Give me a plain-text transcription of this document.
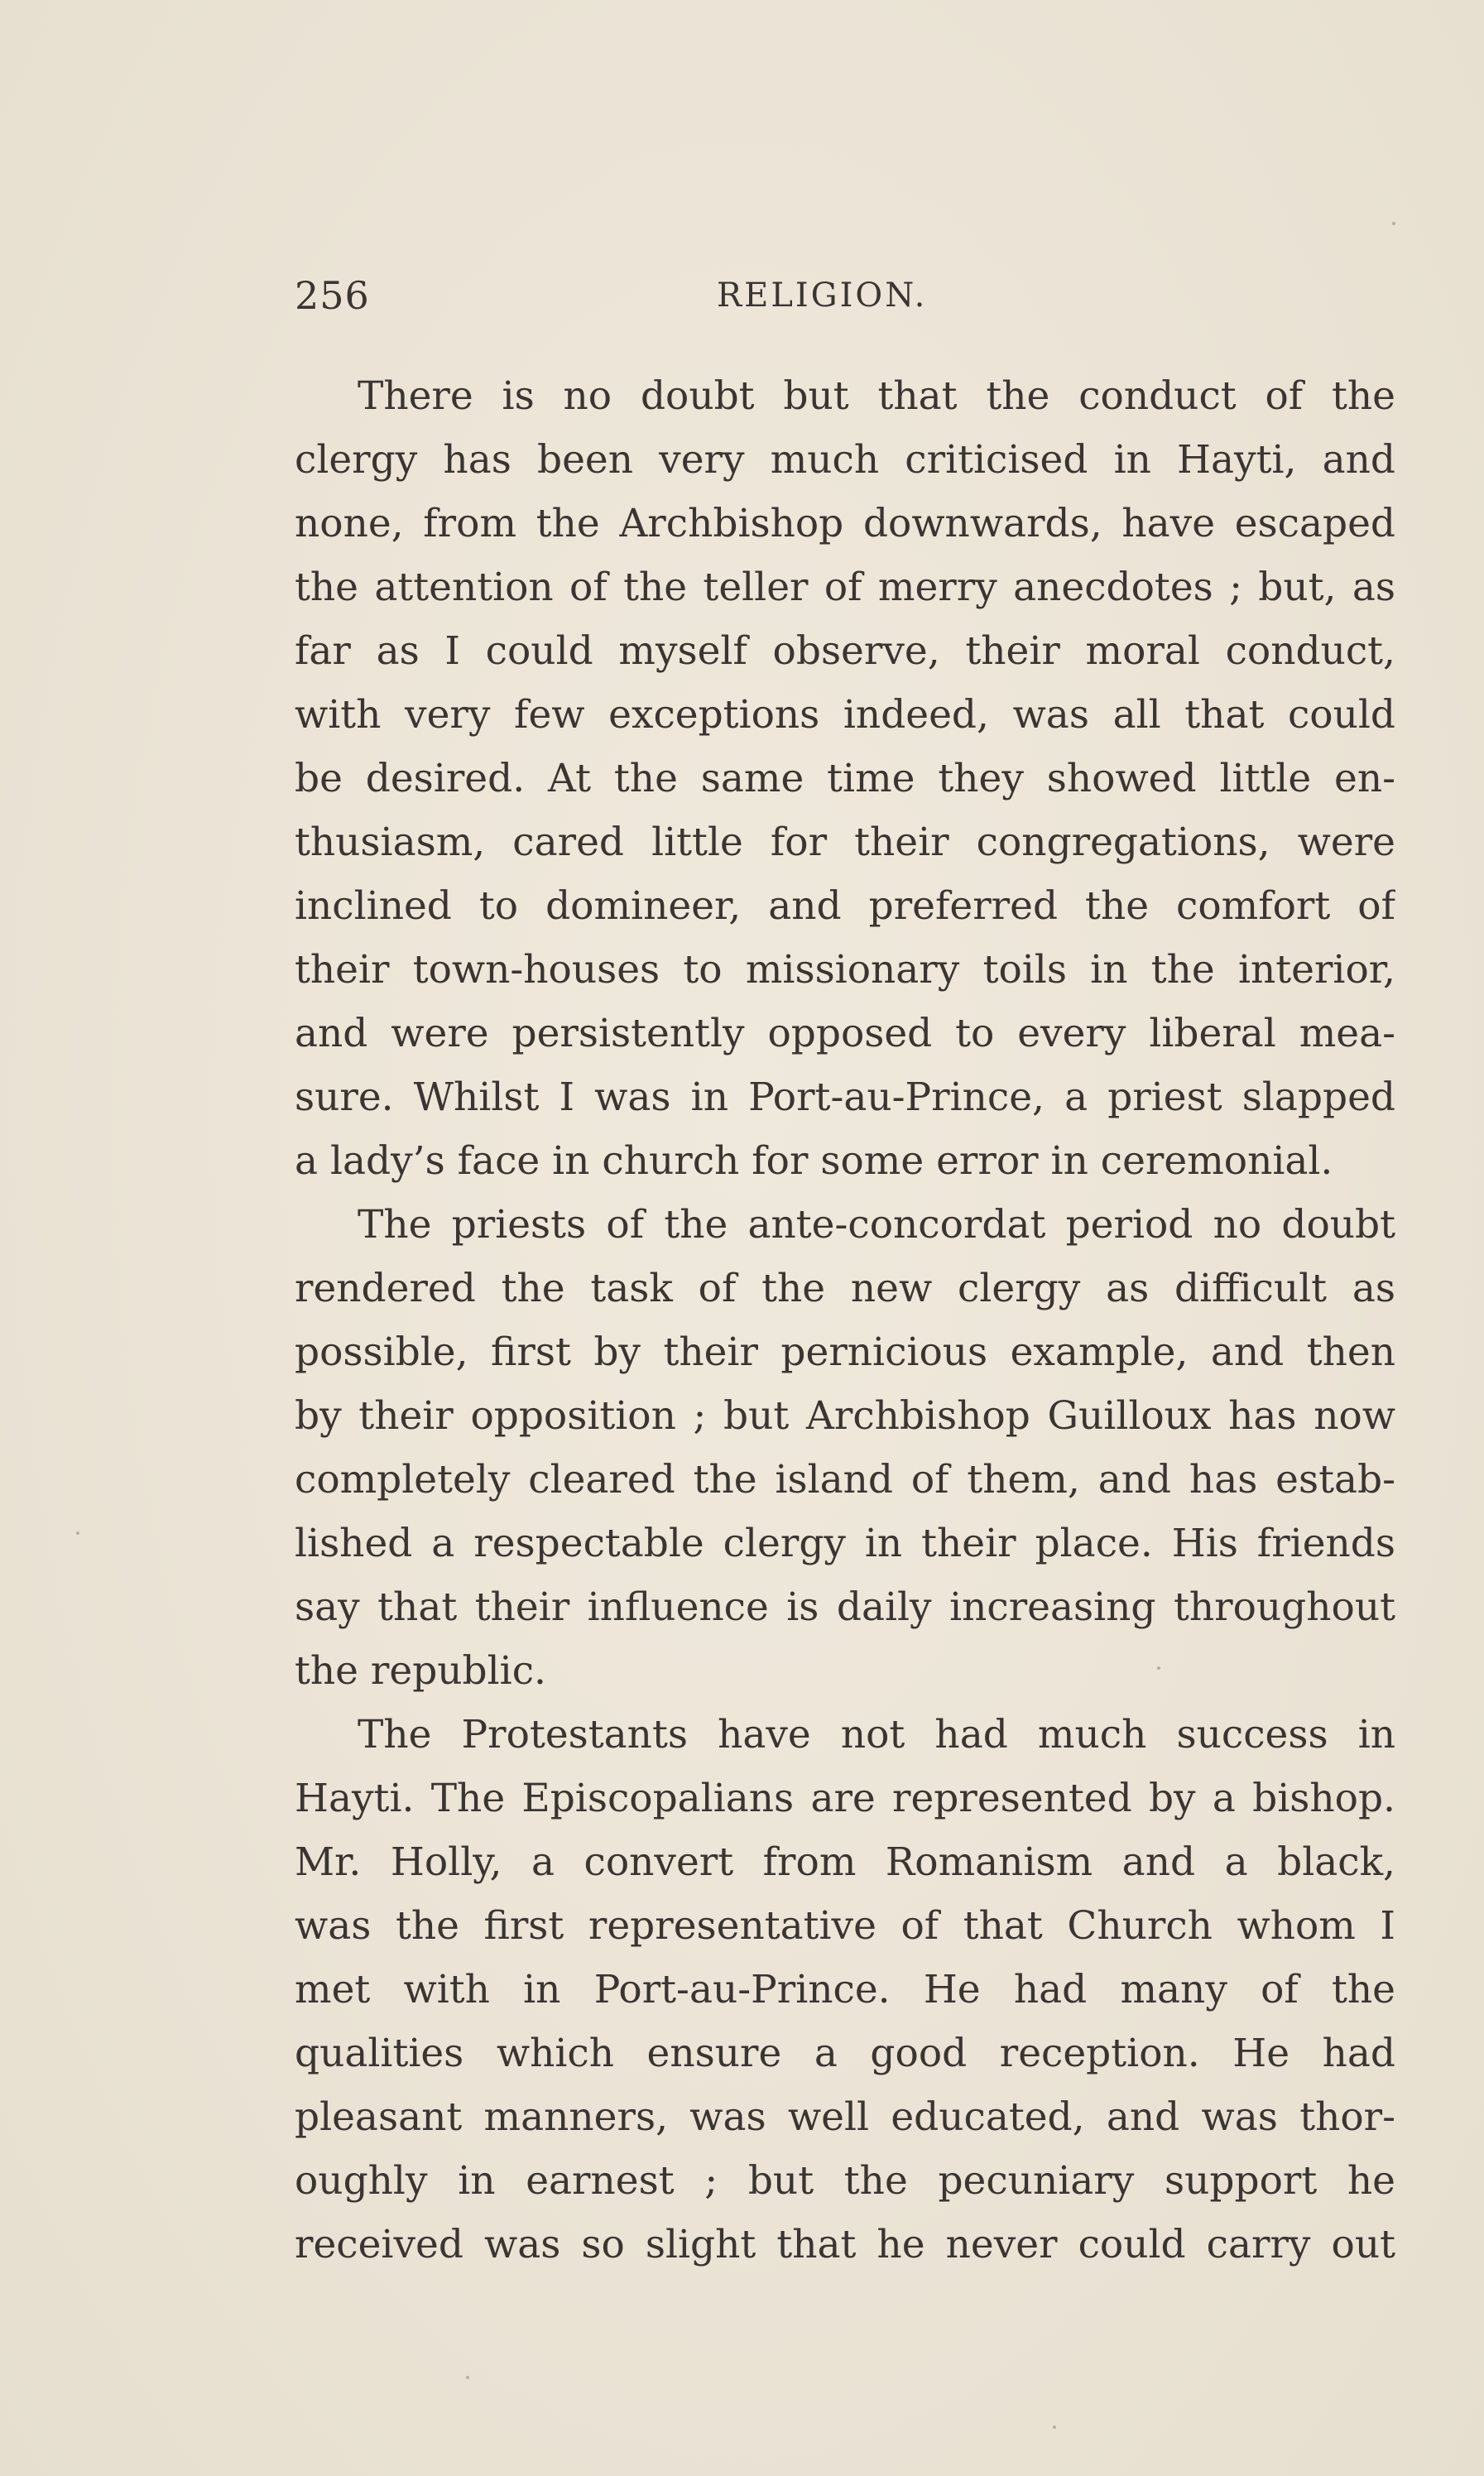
256	RELIGION.
There is no doubt but that the conduct of the
clergy has been very much criticised in Hayti, and
none, from the Archbishop downwards, have escaped
the attention of the teller of merry anecdotes ; but, as
far as I could myself observe, their moral conduct,
with very few exceptions indeed, was all that could
be desired. At the same time they showed little en-
thusiasm, cared little for their congregations, were
inclined to domineer, and preferred the comfort of
their town-houses to missionary toils in the interior,
and were persistently opposed to every liberal mea-
sure. Whilst I was in Port-au-Prince, a priest slapped
a lady’s face in church for some error in ceremonial.
The priests of the ante-concordat period no doubt
rendered the task of the new clergy as difficult as
possible, first by their pernicious example, and then
by their opposition ; but Archbishop Guilloux has now
completely cleared the island of them, and has estab-
lished a respectable clergy in their place. His friends
say that their influence is daily increasing throughout
the republic.
The Protestants have not had much success in
Hayti. The Episcopalians are represented by a bishop.
Mr. Holly, a convert from Romanism and a black,
was the first representative of that Church whom I
met with in Port-au-Prince. He had many of the
qualities which ensure a good reception. He had
pleasant manners, was well educated, and was thor-
oughly in earnest ; but the pecuniary support he
received was so slight that he never could carry out
